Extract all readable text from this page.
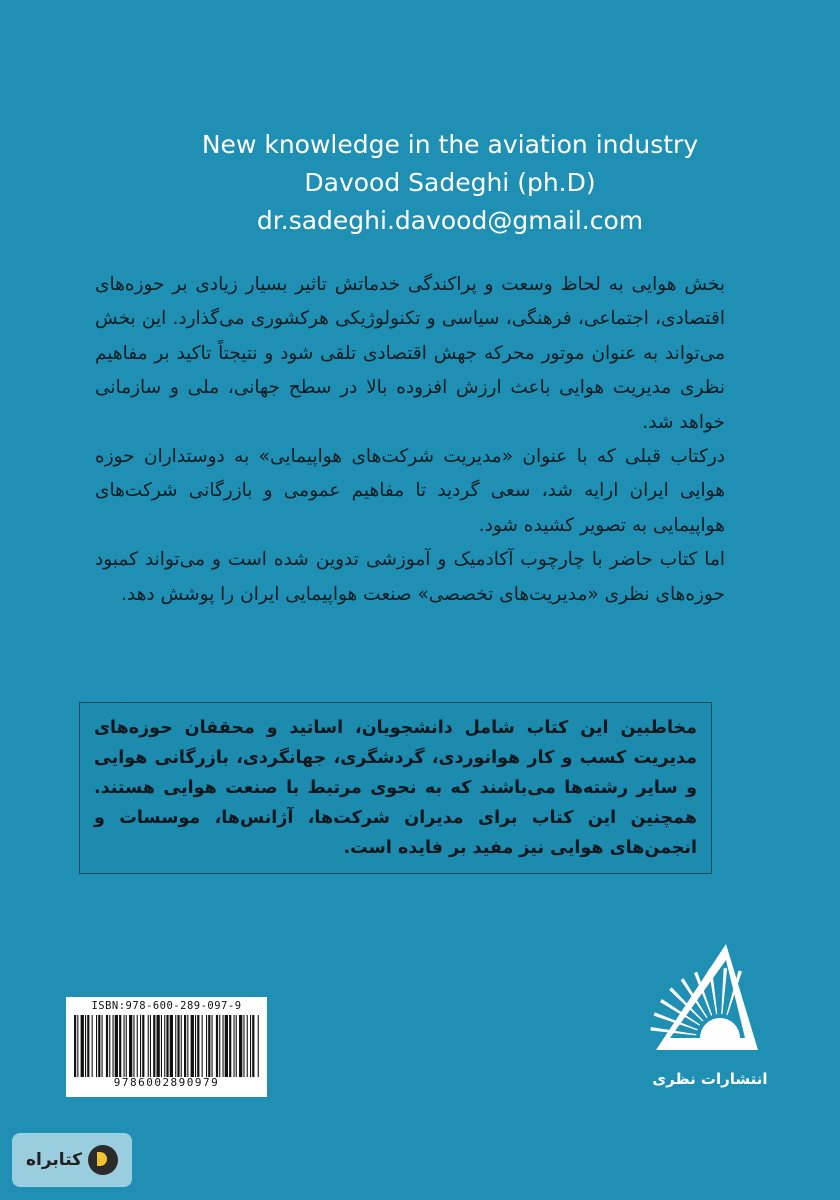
New knowledge in the aviation industry
Davood Sadeghi (ph.D)
dr.sadeghi.davood@gmail.com

بخش هوایی به لحاظ وسعت و پراکندگی خدماتش تاثیر بسیار زیادی بر حوزه‌های اقتصادی، اجتماعی، فرهنگی، سیاسی و تکنولوژیکی هرکشوری می‌گذارد. این بخش می‌تواند به عنوان موتور محرکه جهش اقتصادی تلقی شود و نتیجتاً تاکید بر مفاهیم نظری مدیریت هوایی باعث ارزش افزوده بالا در سطح جهانی، ملی و سازمانی خواهد شد.

درکتاب قبلی که با عنوان «مدیریت شرکت‌های هواپیمایی» به دوستداران حوزه هوایی ایران ارایه شد، سعی گردید تا مفاهیم عمومی و بازرگانی شرکت‌های هواپیمایی به تصویر کشیده شود.

اما کتاب حاضر با چارچوب آکادمیک و آموزشی تدوین شده است و می‌تواند کمبود حوزه‌های نظری «مدیریت‌های تخصصی» صنعت هواپیمایی ایران را پوشش دهد.

مخاطبین این کتاب شامل دانشجویان، اساتید و محققان حوزه‌های مدیریت کسب و کار هوانوردی، گردشگری، جهانگردی، بازرگانی هوایی و سایر رشته‌ها می‌باشند که به نحوی مرتبط با صنعت هوایی هستند. همچنین این کتاب برای مدیران شرکت‌ها، آژانس‌ها، موسسات و انجمن‌های هوایی نیز مفید بر فایده است.
انتشارات نظری
ISBN:978-600-289-097-9
9786002890979
کتابراه
